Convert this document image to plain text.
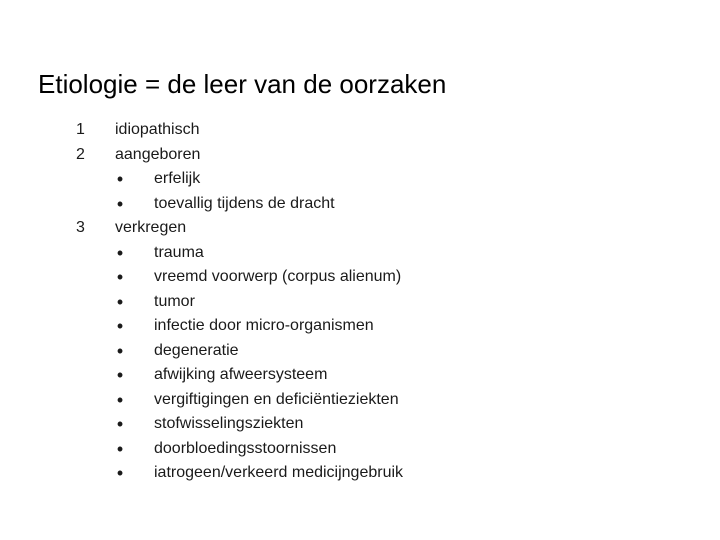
Etiologie = de leer van de oorzaken
1	idiopathisch
2	aangeboren
• erfelijk
• toevallig tijdens de dracht
3	verkregen
• trauma
• vreemd voorwerp (corpus alienum)
• tumor
• infectie door micro-organismen
• degeneratie
• afwijking afweersysteem
• vergiftigingen en deficiëntieziekten
• stofwisselingsziekten
• doorbloedingsstoornissen
• iatrogeen/verkeerd medicijngebruik
